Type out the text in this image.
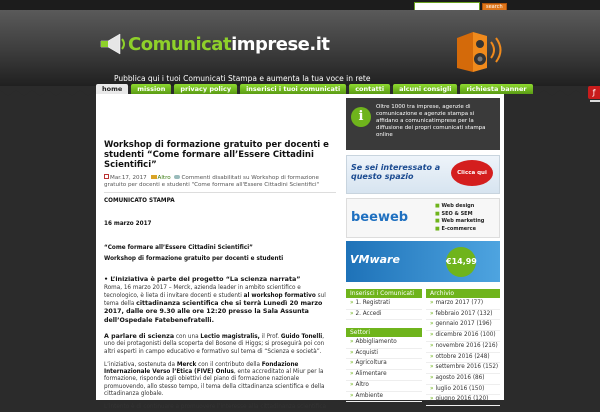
search
Comunicatimprese.it
Pubblica qui i tuoi Comunicati Stampa e aumenta la tua voce in rete
home	mission	privacy policy	inserisci i tuoi comunicati	contatti	alcuni consigli	richiesta banner
Workshop di formazione gratuito per docenti e studenti “Come formare all’Essere Cittadini Scientifici”
Mar.17, 2017 Altro Commenti disabilitati su Workshop di formazione gratuito per docenti e studenti "Come formare all'Essere Cittadini Scientifici"
COMUNICATO STAMPA
16 marzo 2017
“Come formare all’Essere Cittadini Scientifici”
Workshop di formazione gratuito per docenti e studenti
• L’iniziativa è parte del progetto “La scienza narrata”
Roma, 16 marzo 2017 – Merck, azienda leader in ambito scientifico e tecnologico, è lieta di invitare docenti e studenti al workshop formativo sul tema della cittadinanza scientifica che si terrà Lunedì 20 marzo 2017, dalle ore 9.30 alle ore 12:20 presso la Sala Assunta dell’Ospedale Fatebenefratelli.
A parlare di scienza con una Lectio magistralis, il Prof. Guido Tonelli, uno dei protagonisti della scoperta del Bosone di Higgs; si proseguirà poi con altri esperti in campo educativo e formativo sul tema di “Scienza e società”.
L’iniziativa, sostenuta da Merck con il contributo della Fondazione Internazionale Verso l’Etica (FIVE) Onlus, ente accreditato al Miur per la formazione, risponde agli obiettivi del piano di formazione nazionale promuovendo, allo stesso tempo, il tema della cittadinanza scientifica e della cittadinanza globale.
L’intento è di continuare a promuovere l’interesse alla cittadinanza scientifica
i
Oltre 1000 tra imprese, agenzie di comunicazione e agenzie stampa si affidano a comunicatimprese per la diffusione dei propri comunicati stampa online
Se sei interessato a questo spazio	Clicca qui
beeweb
■ Web design
■ SEO & SEM
■ Web marketing
■ E-commerce
VMware	€14,99
Inserisci i Comunicati
» 1. Registrati
» 2. Accedi
Settori
» Abbigliamento
» Acquisti
» Agricoltura
» Alimentare
» Altro
» Ambiente
Archivio
» marzo 2017 (77)
» febbraio 2017 (132)
» gennaio 2017 (196)
» dicembre 2016 (100)
» novembre 2016 (216)
» ottobre 2016 (248)
» settembre 2016 (152)
» agosto 2016 (86)
» luglio 2016 (150)
» giugno 2016 (120)
ƒ
